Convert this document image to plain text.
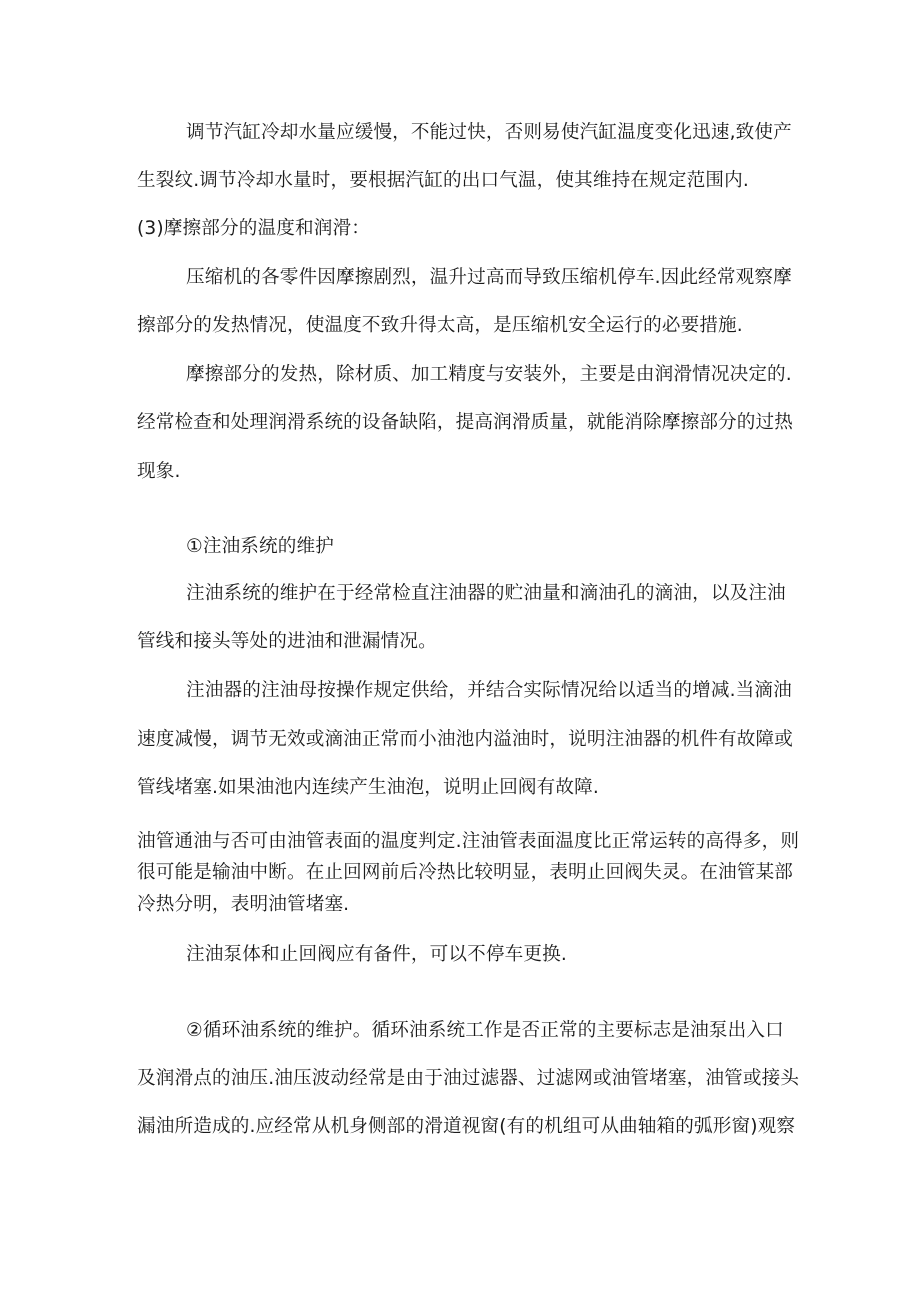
调节汽缸冷却水量应缓慢，不能过快，否则易使汽缸温度变化迅速,致使产
生裂纹.调节冷却水量时，要根据汽缸的出口气温，使其维持在规定范围内.
(3)摩擦部分的温度和润滑：
压缩机的各零件因摩擦剧烈，温升过高而导致压缩机停车.因此经常观察摩
擦部分的发热情况，使温度不致升得太高，是压缩机安全运行的必要措施.
摩擦部分的发热，除材质、加工精度与安装外，主要是由润滑情况决定的.
经常检查和处理润滑系统的设备缺陷，提高润滑质量，就能消除摩擦部分的过热
现象.
①注油系统的维护
注油系统的维护在于经常检直注油器的贮油量和滴油孔的滴油，以及注油
管线和接头等处的进油和泄漏情况。
注油器的注油母按操作规定供给，并结合实际情况给以适当的增减.当滴油
速度减慢，调节无效或滴油正常而小油池内溢油时，说明注油器的机件有故障或
管线堵塞.如果油池内连续产生油泡，说明止回阀有故障.
油管通油与否可由油管表面的温度判定.注油管表面温度比正常运转的高得多，则
很可能是输油中断。在止回网前后冷热比较明显，表明止回阀失灵。在油管某部
冷热分明，表明油管堵塞.
注油泵体和止回阀应有备件，可以不停车更换.
②循环油系统的维护。循环油系统工作是否正常的主要标志是油泵出入口
及润滑点的油压.油压波动经常是由于油过滤器、过滤网或油管堵塞，油管或接头
漏油所造成的.应经常从机身侧部的滑道视窗(有的机组可从曲轴箱的弧形窗)观察
